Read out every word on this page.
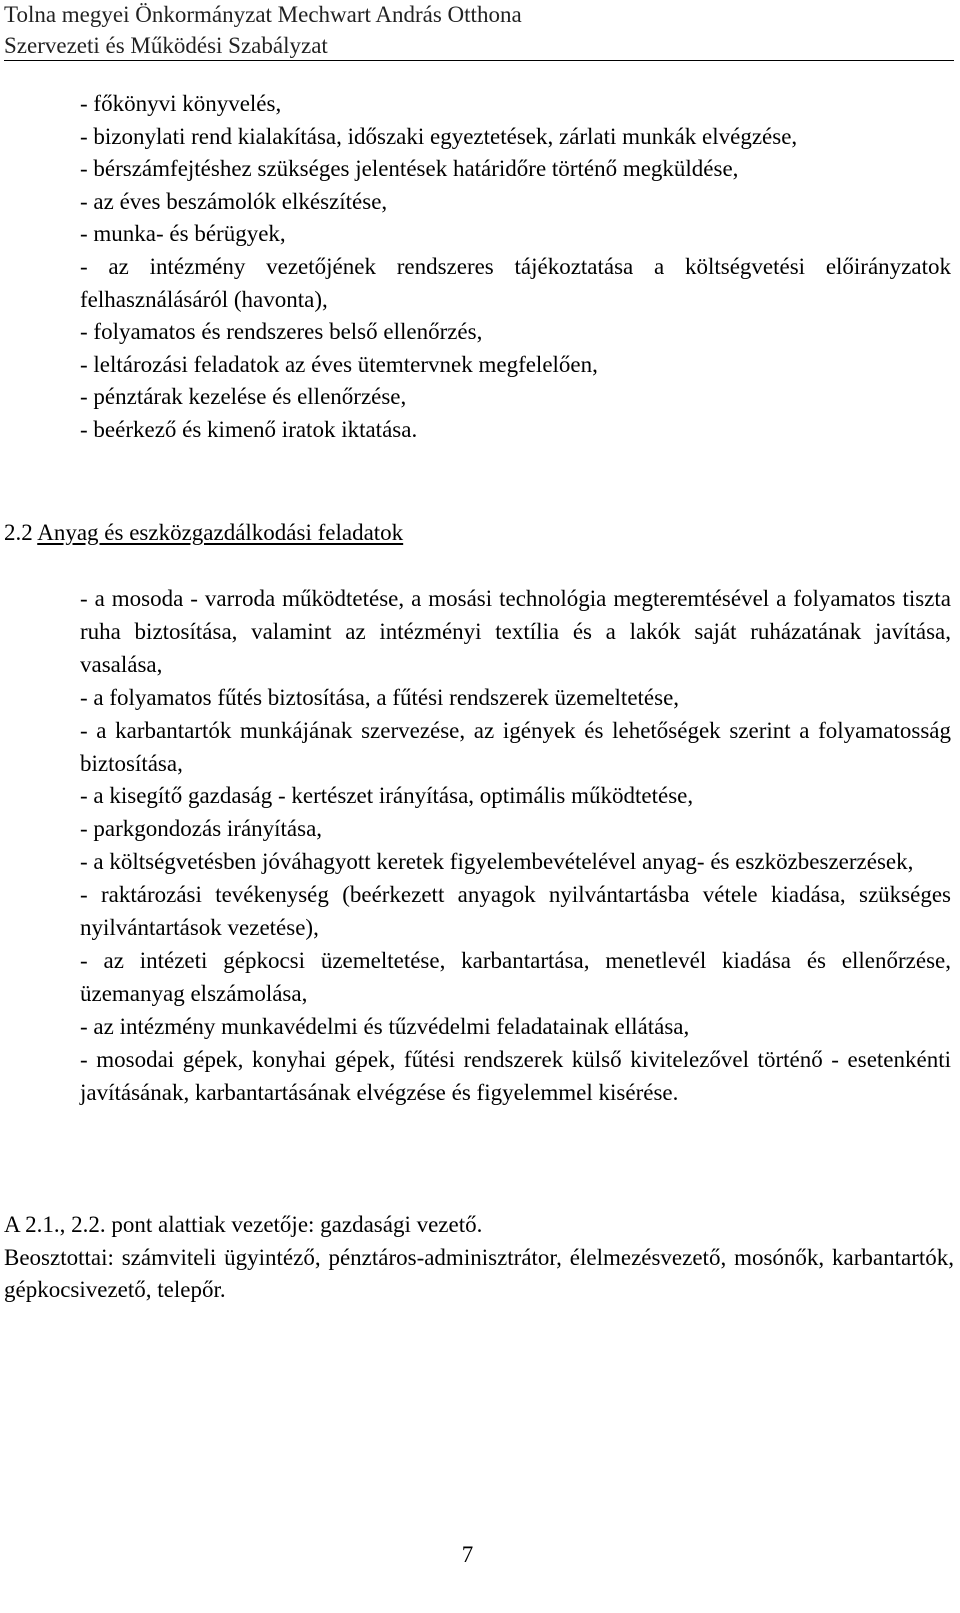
Tolna megyei Önkormányzat Mechwart András Otthona
Szervezeti és Működési Szabályzat

- főkönyvi könyvelés,

- bizonylati rend kialakítása, időszaki egyeztetések, zárlati munkák elvégzése,

- bérszámfejtéshez szükséges jelentések határidőre történő megküldése,

- az éves beszámolók elkészítése,

- munka- és bérügyek,

- az intézmény vezetőjének rendszeres tájékoztatása a költségvetési előirányzatok felhasználásáról (havonta),

- folyamatos és rendszeres belső ellenőrzés,

- leltározási feladatok az éves ütemtervnek megfelelően,

- pénztárak kezelése és ellenőrzése,

- beérkező és kimenő iratok iktatása.

2.2 Anyag és eszközgazdálkodási feladatok

- a mosoda - varroda működtetése, a mosási technológia megteremtésével a folyamatos tiszta ruha biztosítása, valamint az intézményi textília és a lakók saját ruházatának javítása, vasalása,

- a folyamatos fűtés biztosítása, a fűtési rendszerek üzemeltetése,

- a karbantartók munkájának szervezése, az igények és lehetőségek szerint a folyamatosság biztosítása,

- a kisegítő gazdaság - kertészet irányítása, optimális működtetése,

- parkgondozás irányítása,

- a költségvetésben jóváhagyott keretek figyelembevételével anyag- és eszközbeszerzések,

- raktározási tevékenység (beérkezett anyagok nyilvántartásba vétele kiadása, szükséges nyilvántartások vezetése),

- az intézeti gépkocsi üzemeltetése, karbantartása, menetlevél kiadása és ellenőrzése, üzemanyag elszámolása,

- az intézmény munkavédelmi és tűzvédelmi feladatainak ellátása,

- mosodai gépek, konyhai gépek, fűtési rendszerek külső kivitelezővel történő - esetenkénti javításának, karbantartásának elvégzése és figyelemmel kisérése.

A 2.1., 2.2. pont alattiak vezetője: gazdasági vezető.

Beosztottai: számviteli ügyintéző, pénztáros-adminisztrátor, élelmezésvezető, mosónők, karbantartók, gépkocsivezető, telepőr.

7
